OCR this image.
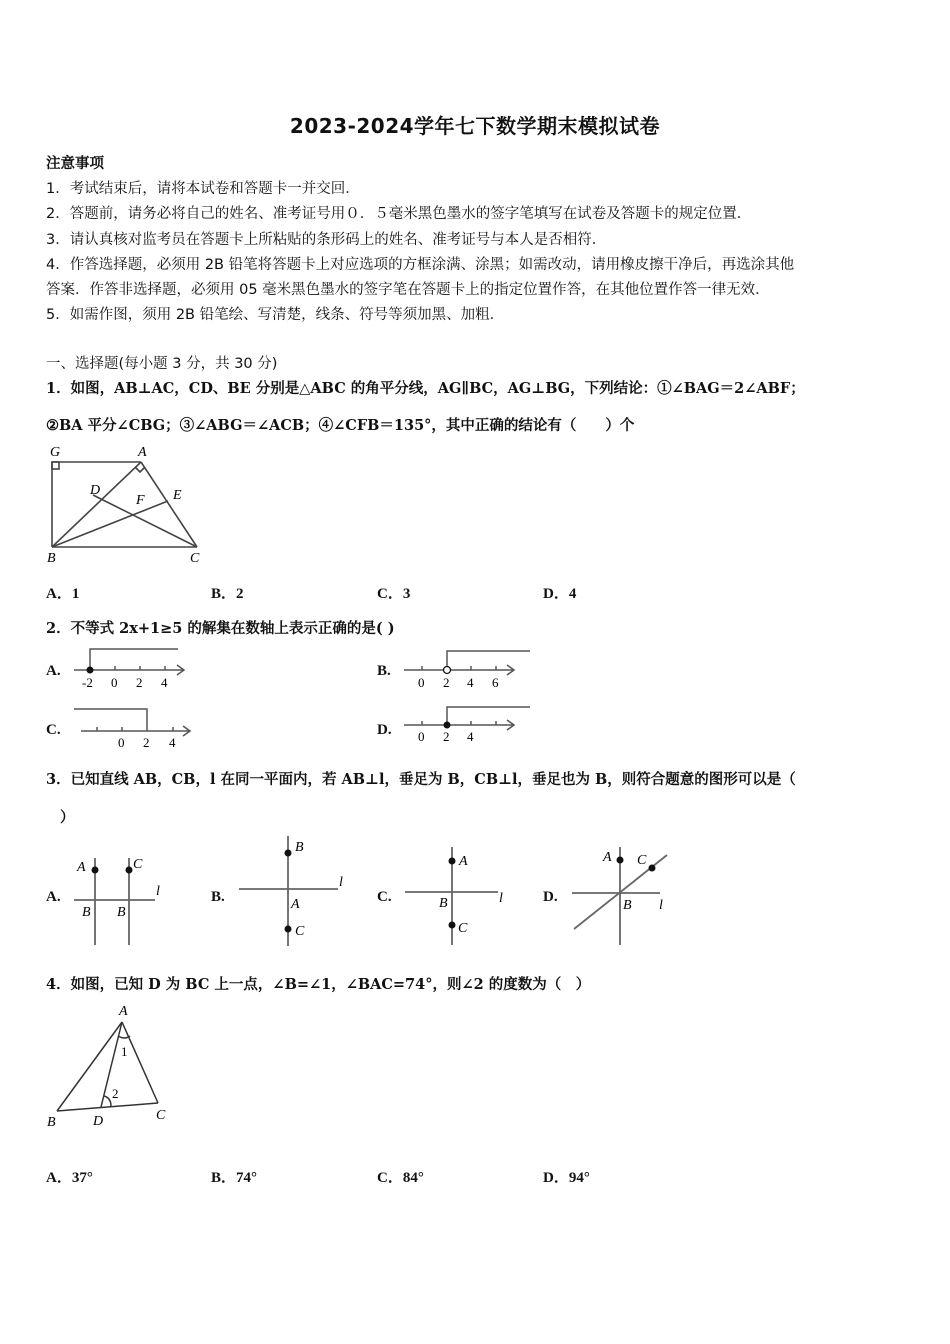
2023-2024学年七下数学期末模拟试卷
注意事项
1．考试结束后，请将本试卷和答题卡一并交回．
2．答题前，请务必将自己的姓名、准考证号用０．５毫米黑色墨水的签字笔填写在试卷及答题卡的规定位置．
3．请认真核对监考员在答题卡上所粘贴的条形码上的姓名、准考证号与本人是否相符．
4．作答选择题，必须用 2B 铅笔将答题卡上对应选项的方框涂满、涂黑；如需改动，请用橡皮擦干净后，再选涂其他
答案．作答非选择题，必须用 05 毫米黑色墨水的签字笔在答题卡上的指定位置作答，在其他位置作答一律无效．
5．如需作图，须用 2B 铅笔绘、写清楚，线条、符号等须加黑、加粗．
一、选择题(每小题 3 分，共 30 分)
1．如图，AB⊥AC，CD、BE 分别是△ABC 的角平分线，AG∥BC，AG⊥BG，下列结论：①∠BAG＝2∠ABF；
②BA 平分∠CBG；③∠ABG＝∠ACB；④∠CFB＝135°，其中正确的结论有（　　）个
G	A
D
F E
B	C
A．1	B．2	C．3	D．4
2．不等式 2x+1≥5 的解集在数轴上表示正确的是( )
A.
-2 0 2 4
B.
0 2 4 6
C.
0 2 4
D. 0 2 4
3．已知直线 AB，CB，l 在同一平面内，若 AB⊥l，垂足为 B，CB⊥l，垂足也为 B，则符合题意的图形可以是（
）
A.
A	C
B B
l	B.
B
A
C
l
C.
A
B
C
l	D.
A C
B l
4．如图，已知 D 为 BC 上一点，∠B=∠1，∠BAC=74°，则∠2 的度数为（　）
A
1
2
B	D	C
A．37°	B．74°	C．84°	D．94°
